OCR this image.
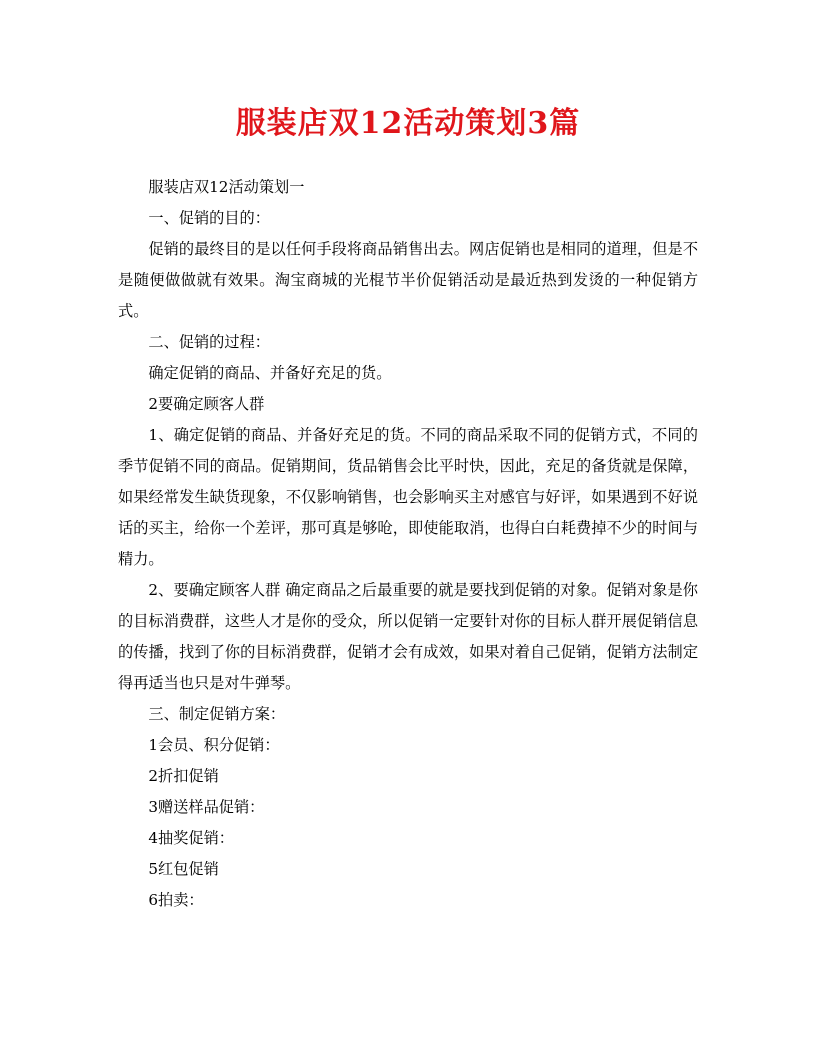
服装店双12活动策划3篇

服装店双12活动策划一

一、促销的目的：

促销的最终目的是以任何手段将商品销售出去。网店促销也是相同的道理，但是不是随便做做就有效果。淘宝商城的光棍节半价促销活动是最近热到发烫的一种促销方式。

二、促销的过程：

确定促销的商品、并备好充足的货。

2要确定顾客人群

1、确定促销的商品、并备好充足的货。不同的商品采取不同的促销方式，不同的季节促销不同的商品。促销期间，货品销售会比平时快，因此，充足的备货就是保障，如果经常发生缺货现象，不仅影响销售，也会影响买主对感官与好评，如果遇到不好说话的买主，给你一个差评，那可真是够呛，即使能取消，也得白白耗费掉不少的时间与精力。

2、要确定顾客人群 确定商品之后最重要的就是要找到促销的对象。促销对象是你的目标消费群，这些人才是你的受众，所以促销一定要针对你的目标人群开展促销信息的传播，找到了你的目标消费群，促销才会有成效，如果对着自己促销，促销方法制定得再适当也只是对牛弹琴。

三、制定促销方案：

1会员、积分促销：

2折扣促销

3赠送样品促销：

4抽奖促销：

5红包促销

6拍卖：
